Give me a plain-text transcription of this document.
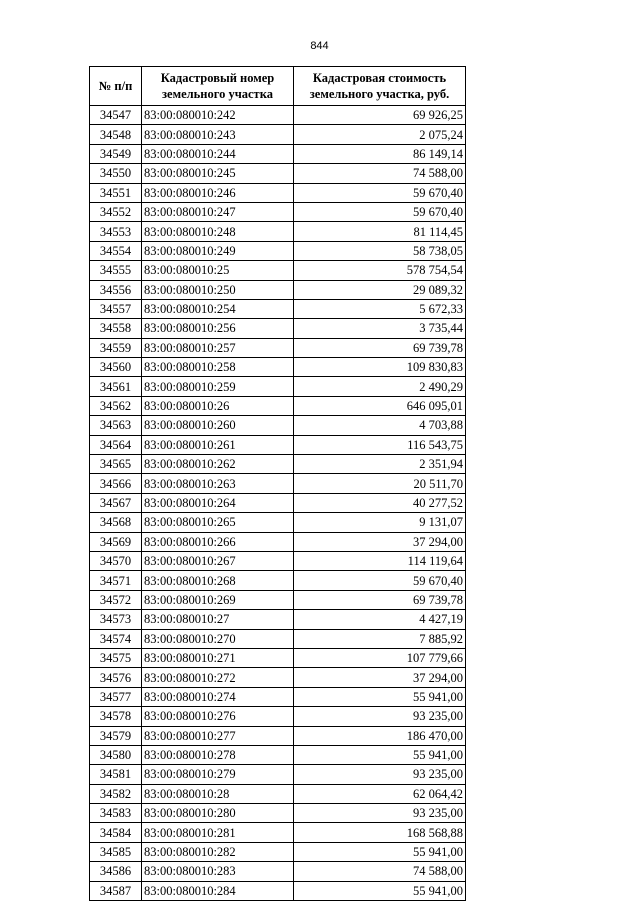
844
№ п/п	Кадастровый номер земельного участка	Кадастровая стоимость земельного участка, руб.
34547	83:00:080010:242	69 926,25
34548	83:00:080010:243	2 075,24
34549	83:00:080010:244	86 149,14
34550	83:00:080010:245	74 588,00
34551	83:00:080010:246	59 670,40
34552	83:00:080010:247	59 670,40
34553	83:00:080010:248	81 114,45
34554	83:00:080010:249	58 738,05
34555	83:00:080010:25	578 754,54
34556	83:00:080010:250	29 089,32
34557	83:00:080010:254	5 672,33
34558	83:00:080010:256	3 735,44
34559	83:00:080010:257	69 739,78
34560	83:00:080010:258	109 830,83
34561	83:00:080010:259	2 490,29
34562	83:00:080010:26	646 095,01
34563	83:00:080010:260	4 703,88
34564	83:00:080010:261	116 543,75
34565	83:00:080010:262	2 351,94
34566	83:00:080010:263	20 511,70
34567	83:00:080010:264	40 277,52
34568	83:00:080010:265	9 131,07
34569	83:00:080010:266	37 294,00
34570	83:00:080010:267	114 119,64
34571	83:00:080010:268	59 670,40
34572	83:00:080010:269	69 739,78
34573	83:00:080010:27	4 427,19
34574	83:00:080010:270	7 885,92
34575	83:00:080010:271	107 779,66
34576	83:00:080010:272	37 294,00
34577	83:00:080010:274	55 941,00
34578	83:00:080010:276	93 235,00
34579	83:00:080010:277	186 470,00
34580	83:00:080010:278	55 941,00
34581	83:00:080010:279	93 235,00
34582	83:00:080010:28	62 064,42
34583	83:00:080010:280	93 235,00
34584	83:00:080010:281	168 568,88
34585	83:00:080010:282	55 941,00
34586	83:00:080010:283	74 588,00
34587	83:00:080010:284	55 941,00
